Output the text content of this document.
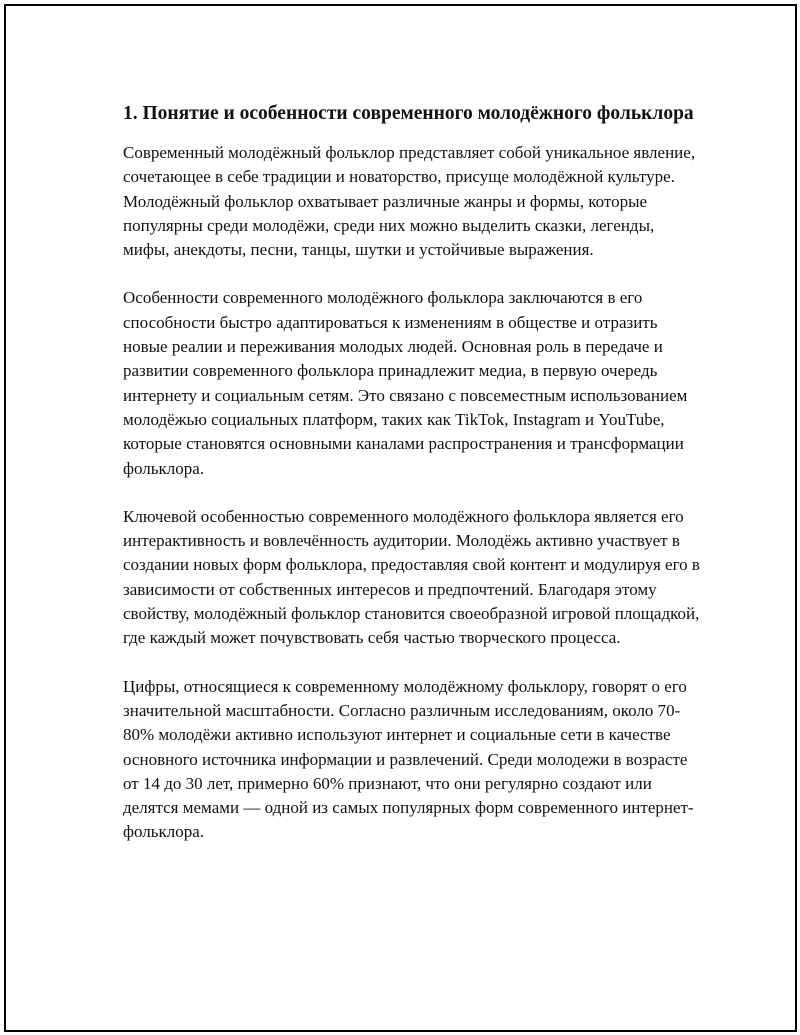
1. Понятие и особенности современного молодёжного фольклора

Современный молодёжный фольклор представляет собой уникальное явление, сочетающее в себе традиции и новаторство, присуще молодёжной культуре. Молодёжный фольклор охватывает различные жанры и формы, которые популярны среди молодёжи, среди них можно выделить сказки, легенды, мифы, анекдоты, песни, танцы, шутки и устойчивые выражения.

Особенности современного молодёжного фольклора заключаются в его способности быстро адаптироваться к изменениям в обществе и отразить новые реалии и переживания молодых людей. Основная роль в передаче и развитии современного фольклора принадлежит медиа, в первую очередь интернету и социальным сетям. Это связано с повсеместным использованием молодёжью социальных платформ, таких как TikTok, Instagram и YouTube, которые становятся основными каналами распространения и трансформации фольклора.

Ключевой особенностью современного молодёжного фольклора является его интерактивность и вовлечённость аудитории. Молодёжь активно участвует в создании новых форм фольклора, предоставляя свой контент и модулируя его в зависимости от собственных интересов и предпочтений. Благодаря этому свойству, молодёжный фольклор становится своеобразной игровой площадкой, где каждый может почувствовать себя частью творческого процесса.

Цифры, относящиеся к современному молодёжному фольклору, говорят о его значительной масштабности. Согласно различным исследованиям, около 70-80% молодёжи активно используют интернет и социальные сети в качестве основного источника информации и развлечений. Среди молодежи в возрасте от 14 до 30 лет, примерно 60% признают, что они регулярно создают или делятся мемами — одной из самых популярных форм современного интернет-фольклора.
